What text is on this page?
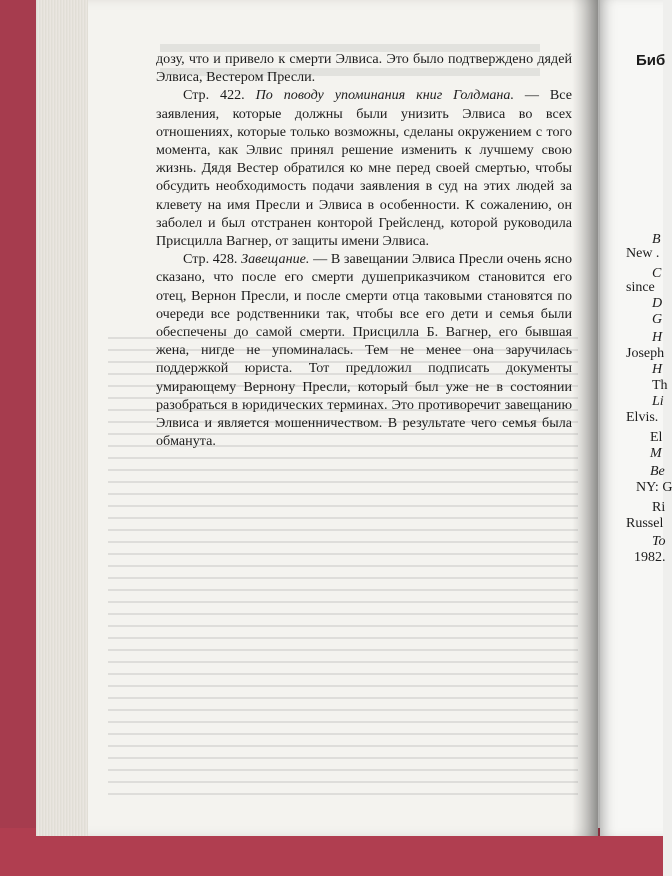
дозу, что и привело к смерти Элвиса. Это было подтверждено дядей Элвиса, Вестером Пресли.

Стр. 422. По поводу упоминания книг Голдмана. — Все заявления, которые должны были унизить Элвиса во всех отношениях, которые только возможны, сделаны окружением с того момента, как Элвис принял решение изменить к лучшему свою жизнь. Дядя Вестер обратился ко мне перед своей смертью, чтобы обсудить необходимость подачи заявления в суд на этих людей за клевету на имя Пресли и Элвиса в особенности. К сожалению, он заболел и был отстранен конторой Грейсленд, которой руководила Присцилла Вагнер, от защиты имени Элвиса.

Стр. 428. Завещание. — В завещании Элвиса Пресли очень ясно сказано, что после его смерти душеприказчиком становится его отец, Вернон Пресли, и после смерти отца таковыми становятся по очереди все родственники так, чтобы все его дети и семья были обеспечены до самой смерти. Присцилла Б. Вагнер, его бывшая жена, нигде не упоминалась. Тем не менее она заручилась поддержкой юриста. Тот предложил подписать документы умирающему Вернону Пресли, который был уже не в состоянии разобраться в юридических терминах. Это противоречит завещанию Элвиса и является мошенничеством. В результате чего семья была обманута.

Биб
B
New .
C
since
D
G
H
Joseph
H
Th
Li
Elvis.
El
M
Be
NY: G
Ri
Russel
To
1982.
